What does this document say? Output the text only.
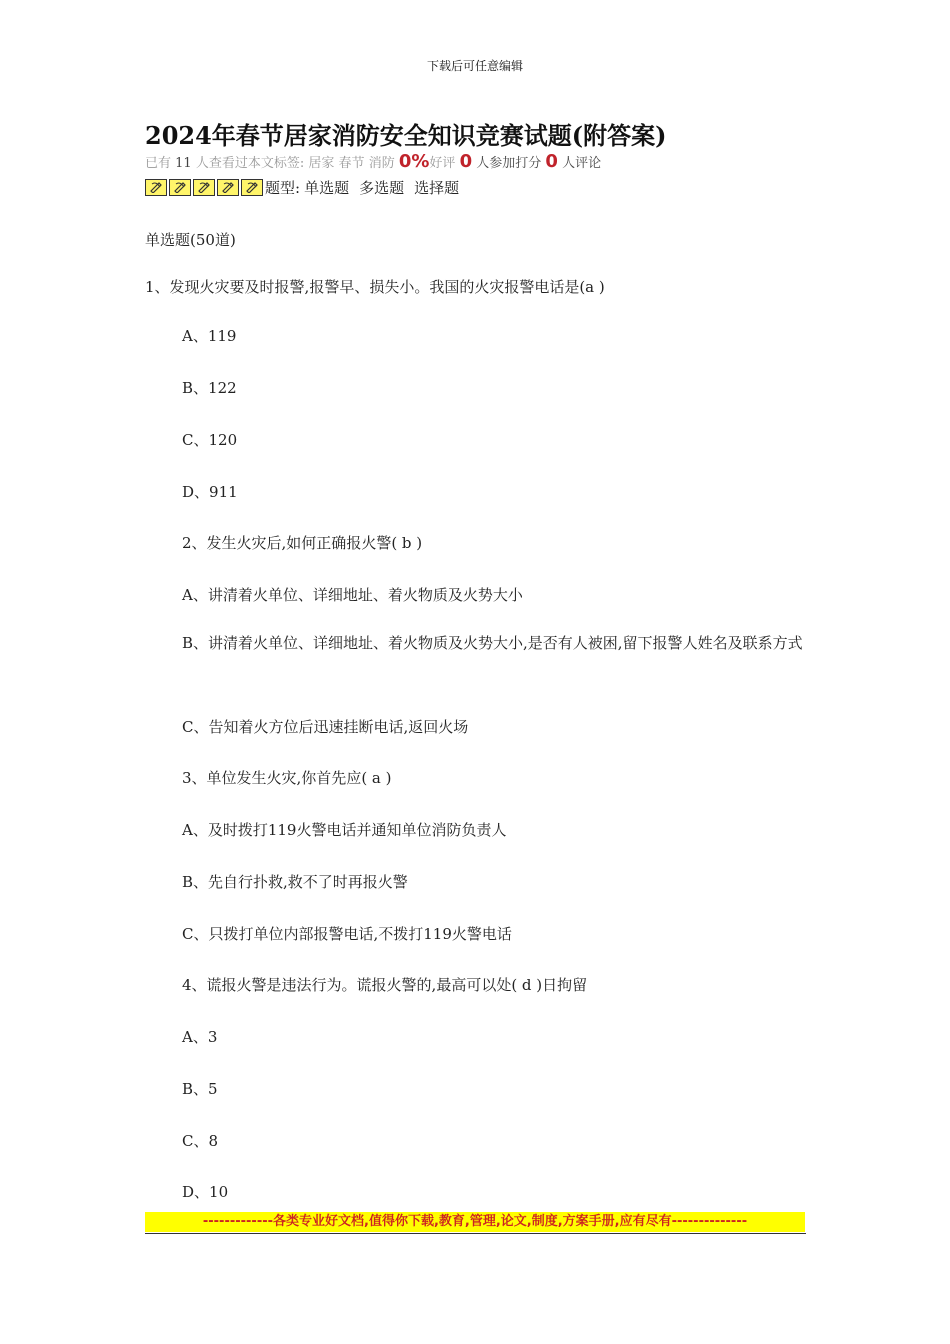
下载后可任意编辑
2024年春节居家消防安全知识竞赛试题(附答案)
已有 11 人查看过本文标签: 居家 春节 消防 0%好评 0 人参加打分 0 人评论
题型: 单选题 多选题 选择题
单选题(50道)
1、发现火灾要及时报警,报警早、损失小。我国的火灾报警电话是(a )
A、119
B、122
C、120
D、911
2、发生火灾后,如何正确报火警( b )
A、讲清着火单位、详细地址、着火物质及火势大小
B、讲清着火单位、详细地址、着火物质及火势大小,是否有人被困,留下报警人姓名及联系方式
C、告知着火方位后迅速挂断电话,返回火场
3、单位发生火灾,你首先应( a )
A、及时拨打119火警电话并通知单位消防负责人
B、先自行扑救,救不了时再报火警
C、只拨打单位内部报警电话,不拨打119火警电话
4、谎报火警是违法行为。谎报火警的,最高可以处( d )日拘留
A、3
B、5
C、8
D、10
-------------各类专业好文档,值得你下载,教育,管理,论文,制度,方案手册,应有尽有--------------
